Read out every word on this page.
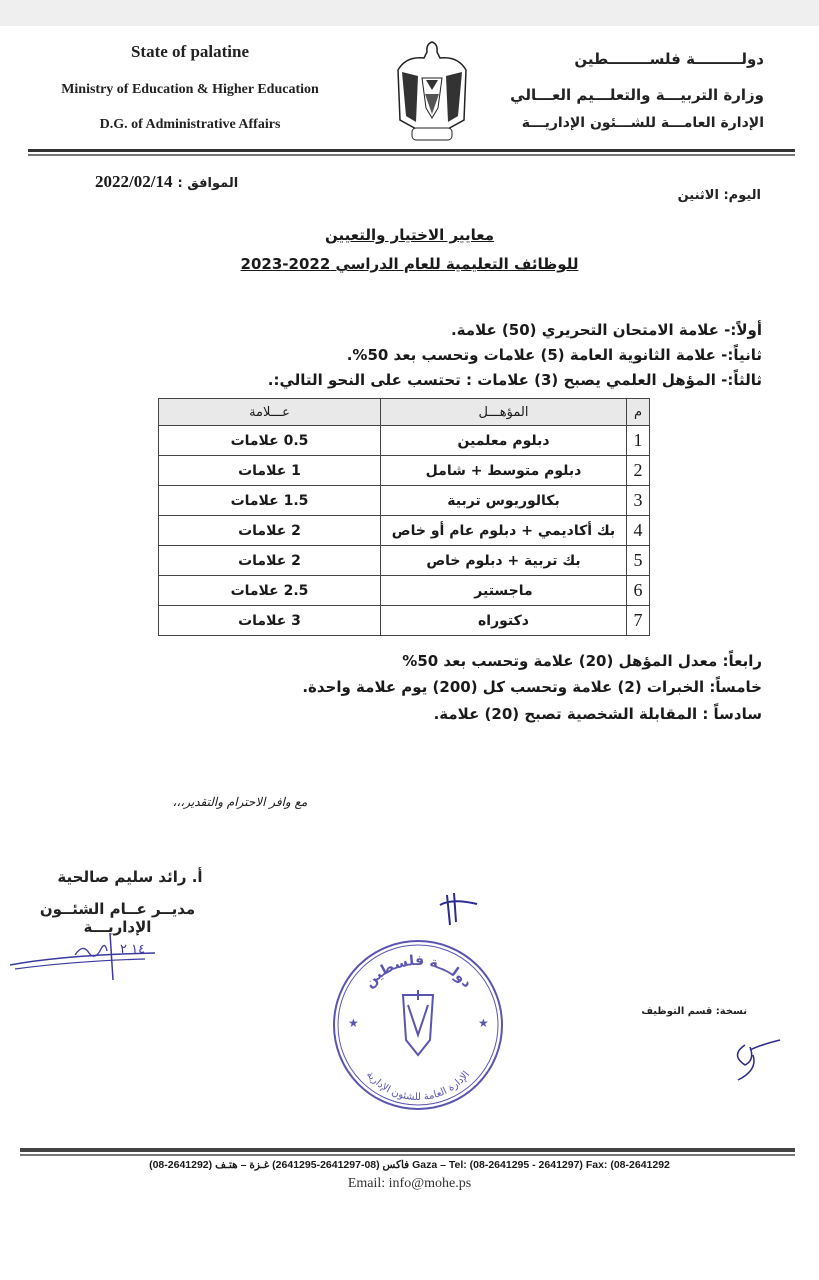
State of palatine
Ministry of Education & Higher Education
D.G. of Administrative Affairs
دولـــــــــة فلســــــــطين
وزارة التربيـــة والتعلـــيم العـــالي
الإدارة العامـــة للشـــئون الإداريـــة
الموافق : 2022/02/14
اليوم: الاثنين
معايير الاختيار والتعيين
للوظائف التعليمية للعام الدراسي 2022-2023
أولاً:- علامة الامتحان التحريري (50) علامة.
ثانياً:- علامة الثانوية العامة (5) علامات وتحسب بعد 50%.
ثالثاً:- المؤهل العلمي يصبح (3) علامات : تحتسب على النحو التالي:.
م	المؤهـــل	عـــلامة
1	دبلوم معلمين	0.5 علامات
2	دبلوم متوسط + شامل	1 علامات
3	بكالوريوس تربية	1.5 علامات
4	بك أكاديمي + دبلوم عام أو خاص	2 علامات
5	بك تربية + دبلوم خاص	2 علامات
6	ماجستير	2.5 علامات
7	دكتوراه	3 علامات
رابعاً: معدل المؤهل (20) علامة وتحسب بعد 50%
خامساً: الخبرات (2) علامة وتحسب كل (200) يوم علامة واحدة.
سادساً : المقابلة الشخصية تصبح (20) علامة.
مع وافر الاحترام والتقدير،،،
أ. رائد سليم صالحية
مديــر عــام الشئــون الإداريـــة
١٤ ٢
★	★
دولـــة فلسطين
الإدارة العامة للشئون الإدارية
نسخة: قسم التوظيف
(08-2641292) فاكس (08-2641297-2641295) غـزة – هتـف Gaza – Tel: (08-2641295 - 2641297) Fax: (08-2641292
Email: info@mohe.ps
